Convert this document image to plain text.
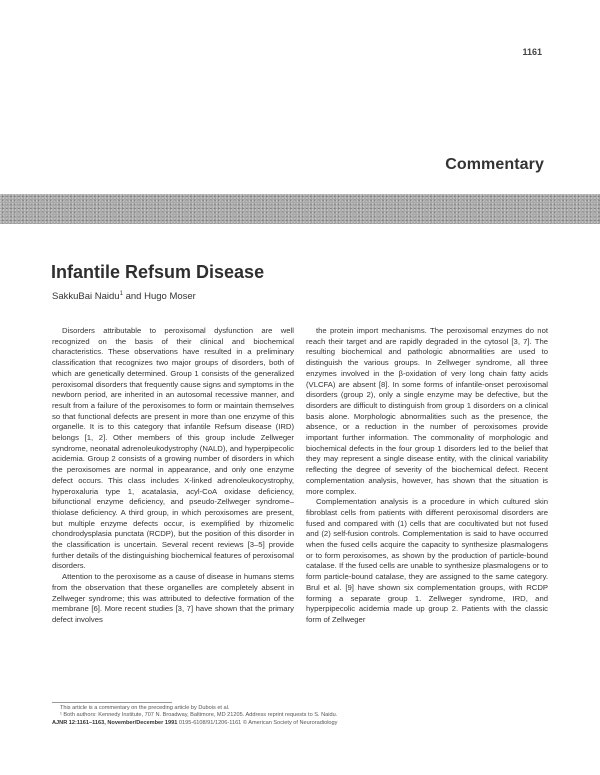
1161
Commentary
Infantile Refsum Disease
SakkuBai Naidu$^1$ and Hugo Moser

Disorders attributable to peroxisomal dysfunction are well recognized on the basis of their clinical and biochemical characteristics. These observations have resulted in a preliminary classification that recognizes two major groups of disorders, both of which are genetically determined. Group 1 consists of the generalized peroxisomal disorders that frequently cause signs and symptoms in the newborn period, are inherited in an autosomal recessive manner, and result from a failure of the peroxisomes to form or maintain themselves so that functional defects are present in more than one enzyme of this organelle. It is to this category that infantile Refsum disease (IRD) belongs [1, 2]. Other members of this group include Zellweger syndrome, neonatal adrenoleukodystrophy (NALD), and hyperpipecolic acidemia. Group 2 consists of a growing number of disorders in which the peroxisomes are normal in appearance, and only one enzyme defect occurs. This class includes X-linked adrenoleukocystrophy, hyperoxaluria type 1, acatalasia, acyl-CoA oxidase deficiency, bifunctional enzyme deficiency, and pseudo-Zellweger syndrome–thiolase deficiency. A third group, in which peroxisomes are present, but multiple enzyme defects occur, is exemplified by rhizomelic chondrodysplasia punctata (RCDP), but the position of this disorder in the classification is uncertain. Several recent reviews [3–5] provide further details of the distinguishing biochemical features of peroxisomal disorders.

Attention to the peroxisome as a cause of disease in humans stems from the observation that these organelles are completely absent in Zellweger syndrome; this was attributed to defective formation of the membrane [6]. More recent studies [3, 7] have shown that the primary defect involves

the protein import mechanisms. The peroxisomal enzymes do not reach their target and are rapidly degraded in the cytosol [3, 7]. The resulting biochemical and pathologic abnormalities are used to distinguish the various groups. In Zellweger syndrome, all three enzymes involved in the β-oxidation of very long chain fatty acids (VLCFA) are absent [8]. In some forms of infantile-onset peroxisomal disorders (group 2), only a single enzyme may be defective, but the disorders are difficult to distinguish from group 1 disorders on a clinical basis alone. Morphologic abnormalities such as the presence, the absence, or a reduction in the number of peroxisomes provide important further information. The commonality of morphologic and biochemical defects in the four group 1 disorders led to the belief that they may represent a single disease entity, with the clinical variability reflecting the degree of severity of the biochemical defect. Recent complementation analysis, however, has shown that the situation is more complex.

Complementation analysis is a procedure in which cultured skin fibroblast cells from patients with different peroxisomal disorders are fused and compared with (1) cells that are cocultivated but not fused and (2) self-fusion controls. Complementation is said to have occurred when the fused cells acquire the capacity to synthesize plasmalogens or to form peroxisomes, as shown by the production of particle-bound catalase. If the fused cells are unable to synthesize plasmalogens or to form particle-bound catalase, they are assigned to the same category. Brul et al. [9] have shown six complementation groups, with RCDP forming a separate group 1. Zellweger syndrome, IRD, and hyperpipecolic acidemia made up group 2. Patients with the classic form of Zellweger

This article is a commentary on the preceding article by Dubois et al.
¹ Both authors: Kennedy Institute, 707 N. Broadway, Baltimore, MD 21205. Address reprint requests to S. Naidu.
AJNR 12:1161–1163, November/December 1991 0195-6108/91/1206-1161 © American Society of Neuroradiology
